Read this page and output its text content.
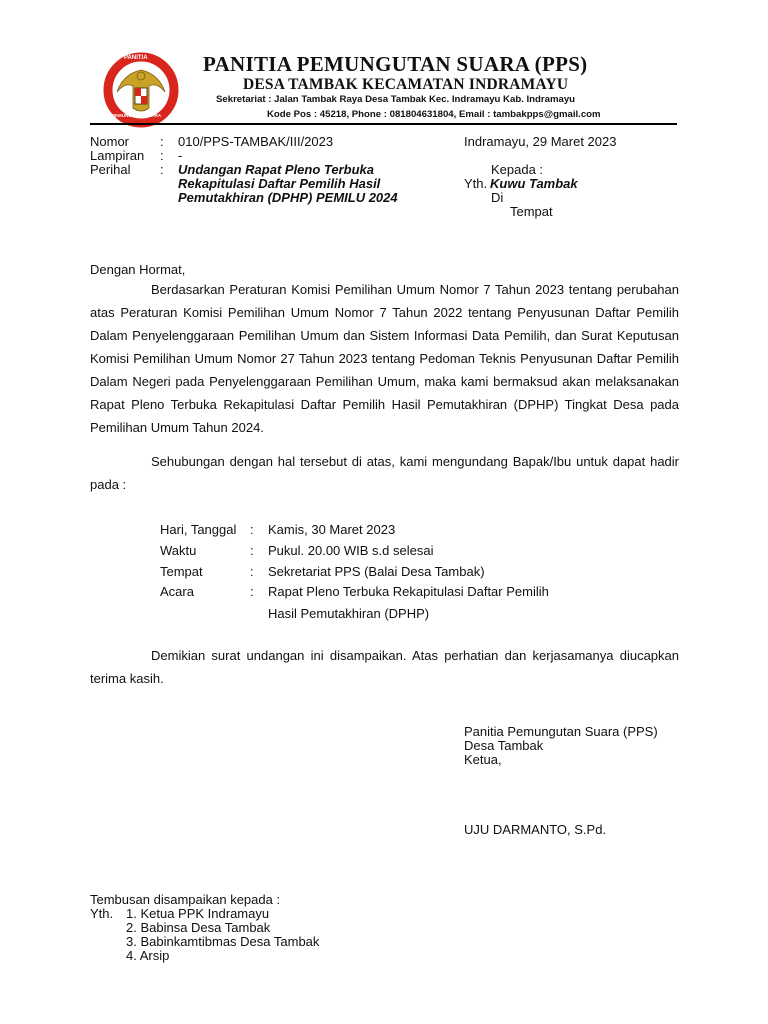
PANITIA
PEMUNGUTAN SUARA
PANITIA PEMUNGUTAN SUARA (PPS)
DESA TAMBAK KECAMATAN INDRAMAYU
Sekretariat : Jalan Tambak Raya Desa Tambak Kec. Indramayu Kab. Indramayu
Kode Pos : 45218, Phone : 081804631804, Email : tambakpps@gmail.com
Nomor : 010/PPS-TAMBAK/III/2023
Lampiran : -
Perihal : Undangan Rapat Pleno Terbuka
Rekapitulasi Daftar Pemilih Hasil
Pemutakhiran (DPHP) PEMILU 2024
Indramayu, 29 Maret 2023
Kepada :
Yth. Kuwu Tambak
Di
Tempat
Dengan Hormat,
Berdasarkan Peraturan Komisi Pemilihan Umum Nomor 7 Tahun 2023 tentang perubahan atas Peraturan Komisi Pemilihan Umum Nomor 7 Tahun 2022 tentang Penyusunan Daftar Pemilih Dalam Penyelenggaraan Pemilihan Umum dan Sistem Informasi Data Pemilih, dan Surat Keputusan Komisi Pemilihan Umum Nomor 27 Tahun 2023 tentang Pedoman Teknis Penyusunan Daftar Pemilih Dalam Negeri pada Penyelenggaraan Pemilihan Umum, maka kami bermaksud akan melaksanakan Rapat Pleno Terbuka Rekapitulasi Daftar Pemilih Hasil Pemutakhiran (DPHP) Tingkat Desa pada Pemilihan Umum Tahun 2024.
Sehubungan dengan hal tersebut di atas, kami mengundang Bapak/Ibu untuk dapat hadir pada :
Hari, Tanggal : Kamis, 30 Maret 2023
Waktu	: Pukul. 20.00 WIB s.d selesai
Tempat	: Sekretariat PPS (Balai Desa Tambak)
Acara	: Rapat Pleno Terbuka Rekapitulasi Daftar Pemilih
Hasil Pemutakhiran (DPHP)
Demikian surat undangan ini disampaikan. Atas perhatian dan kerjasamanya diucapkan terima kasih.
Panitia Pemungutan Suara (PPS)
Desa Tambak
Ketua,
UJU DARMANTO, S.Pd.
Tembusan disampaikan kepada :
Yth. 1. Ketua PPK Indramayu
2. Babinsa Desa Tambak
3. Babinkamtibmas Desa Tambak
4. Arsip
